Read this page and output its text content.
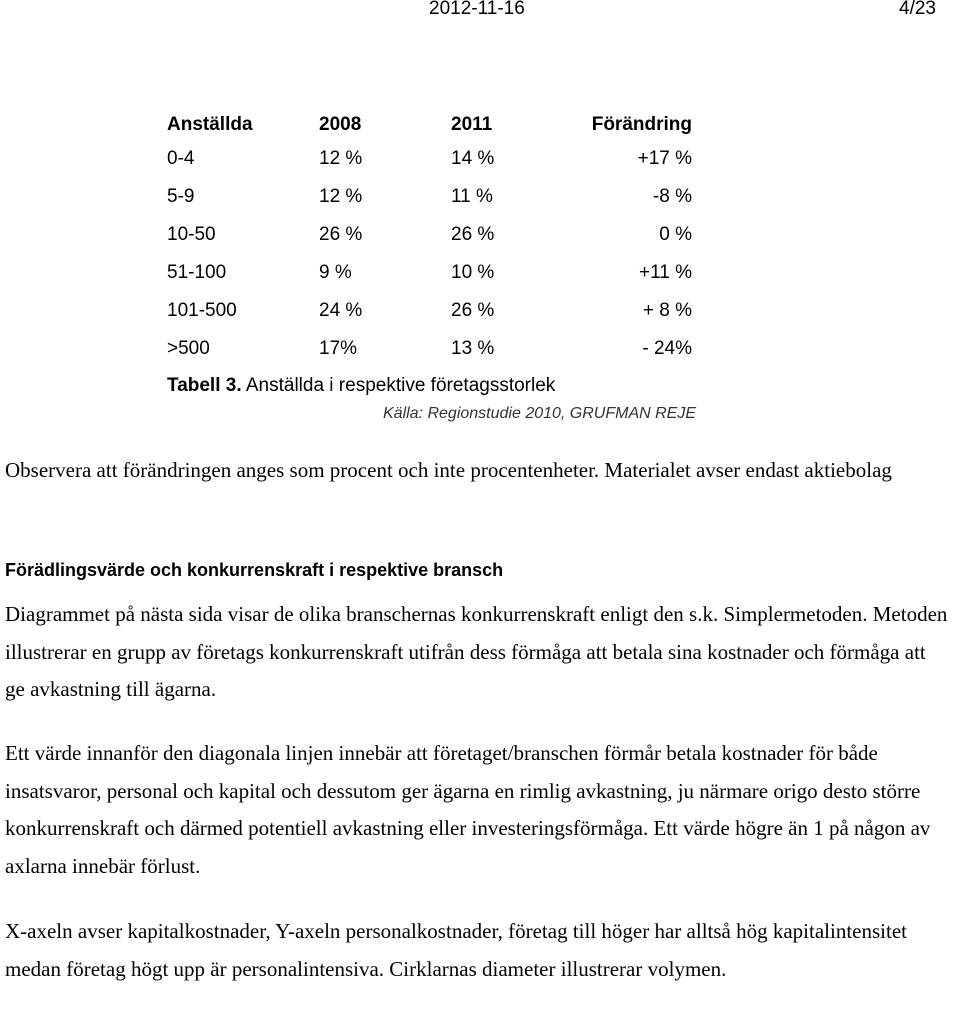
2012-11-16	4/23
Anställda	2008	2011	Förändring
0-4	12 %	14 %	+17 %
5-9	12 %	11 %	-8 %
10-50	26 %	26 %	0 %
51-100	9 %	10 %	+11 %
101-500	24 %	26 %	+ 8 %
>500	17%	13 %	- 24%
Tabell 3. Anställda i respektive företagsstorlek
Källa: Regionstudie 2010, GRUFMAN REJE
Observera att förändringen anges som procent och inte procentenheter. Materialet avser endast aktiebolag
Förädlingsvärde och konkurrenskraft i respektive bransch
Diagrammet på nästa sida visar de olika branschernas konkurrenskraft enligt den s.k. Simplermetoden. Metoden illustrerar en grupp av företags konkurrenskraft utifrån dess förmåga att betala sina kostnader och förmåga att ge avkastning till ägarna.
Ett värde innanför den diagonala linjen innebär att företaget/branschen förmår betala kostnader för både insatsvaror, personal och kapital och dessutom ger ägarna en rimlig avkastning, ju närmare origo desto större konkurrenskraft och därmed potentiell avkastning eller investeringsförmåga. Ett värde högre än 1 på någon av axlarna innebär förlust.
X-axeln avser kapitalkostnader, Y-axeln personalkostnader, företag till höger har alltså hög kapitalintensitet medan företag högt upp är personalintensiva. Cirklarnas diameter illustrerar volymen.
